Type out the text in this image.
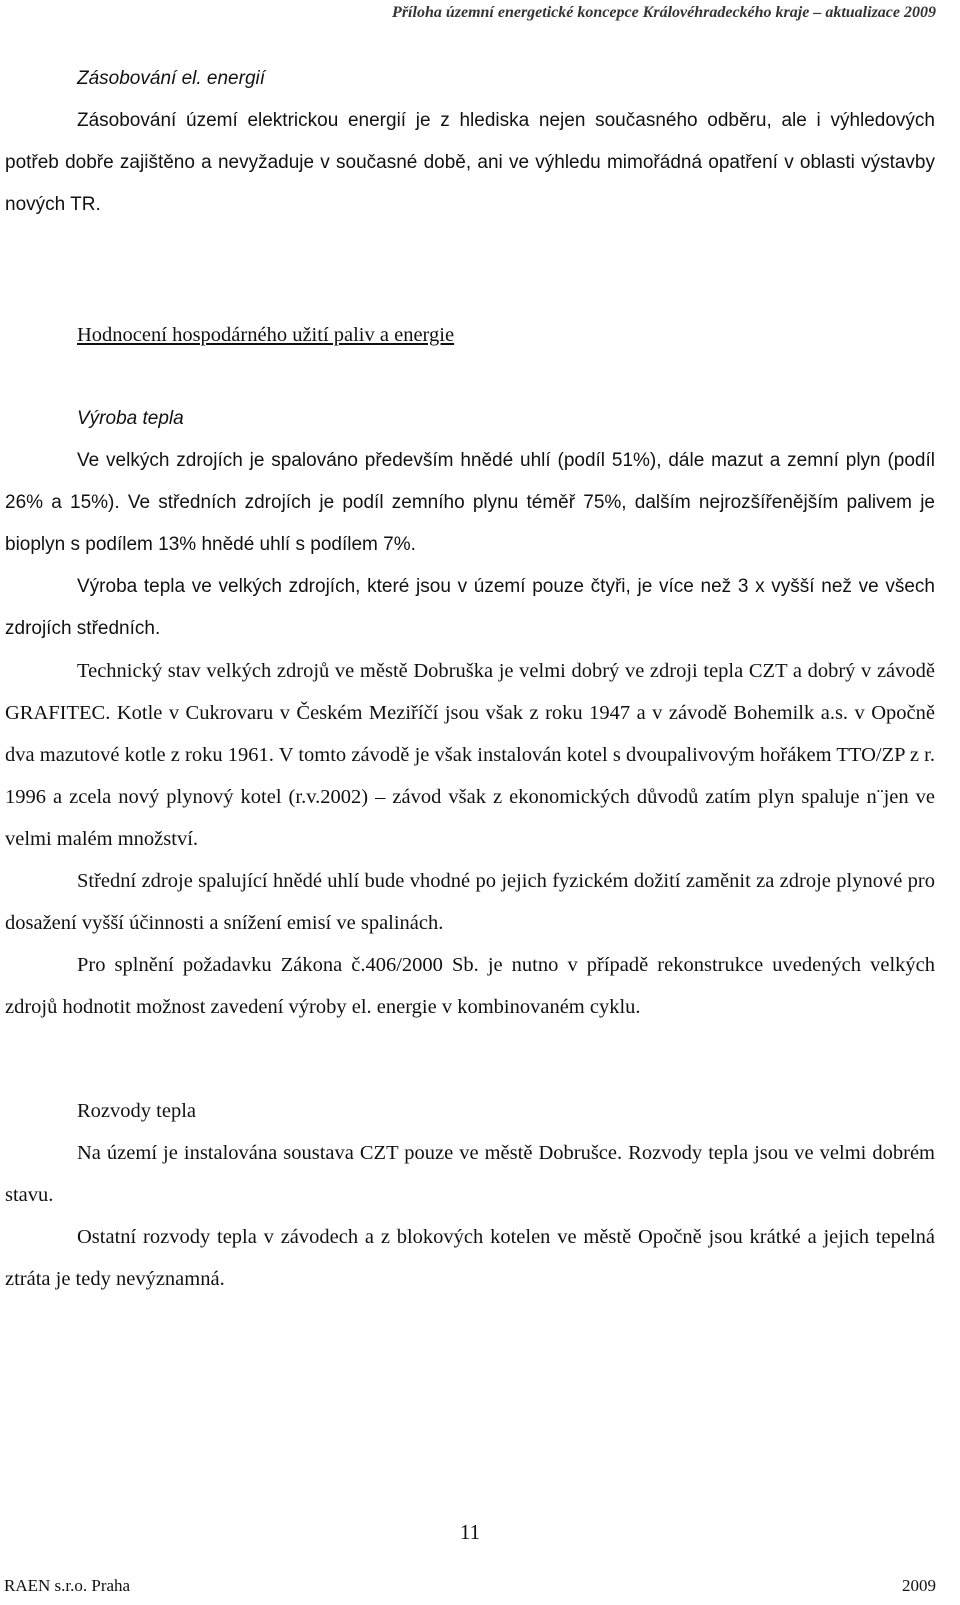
Příloha územní energetické koncepce Královéhradeckého kraje – aktualizace 2009
Zásobování el. energií

Zásobování území elektrickou energií je z hlediska nejen současného odběru, ale i výhledových potřeb dobře zajištěno a nevyžaduje v současné době, ani ve výhledu mimořádná opatření v oblasti výstavby nových TR.

Hodnocení hospodárného užití paliv a energie
Výroba tepla

Ve velkých zdrojích je spalováno především hnědé uhlí (podíl 51%), dále mazut a zemní plyn (podíl 26% a 15%). Ve středních zdrojích je podíl zemního plynu téměř 75%, dalším nejrozšířenějším palivem je bioplyn s podílem 13% hnědé uhlí s podílem 7%.

Výroba tepla ve velkých zdrojích, které jsou v území pouze čtyři, je více než 3 x vyšší než ve všech zdrojích středních.

Technický stav velkých zdrojů ve městě Dobruška je velmi dobrý ve zdroji tepla CZT a dobrý v závodě GRAFITEC. Kotle v Cukrovaru v Českém Meziříčí jsou však z roku 1947 a v závodě Bohemilk a.s. v Opočně dva mazutové kotle z roku 1961. V tomto závodě je však instalován kotel s dvoupalivovým hořákem TTO/ZP z r. 1996 a zcela nový plynový kotel (r.v.2002) – závod však z ekonomických důvodů zatím plyn spaluje n¨jen ve velmi malém množství.

Střední zdroje spalující hnědé uhlí bude vhodné po jejich fyzickém dožití zaměnit za zdroje plynové pro dosažení vyšší účinnosti a snížení emisí ve spalinách.

Pro splnění požadavku Zákona č.406/2000 Sb. je nutno v případě rekonstrukce uvedených velkých zdrojů hodnotit možnost zavedení výroby el. energie v kombinovaném cyklu.

Rozvody tepla

Na území je instalována soustava CZT pouze ve městě Dobrušce. Rozvody tepla jsou ve velmi dobrém stavu.

Ostatní rozvody tepla v závodech a z blokových kotelen ve městě Opočně jsou krátké a jejich tepelná ztráta je tedy nevýznamná.

11
RAEN s.r.o. Praha	2009
